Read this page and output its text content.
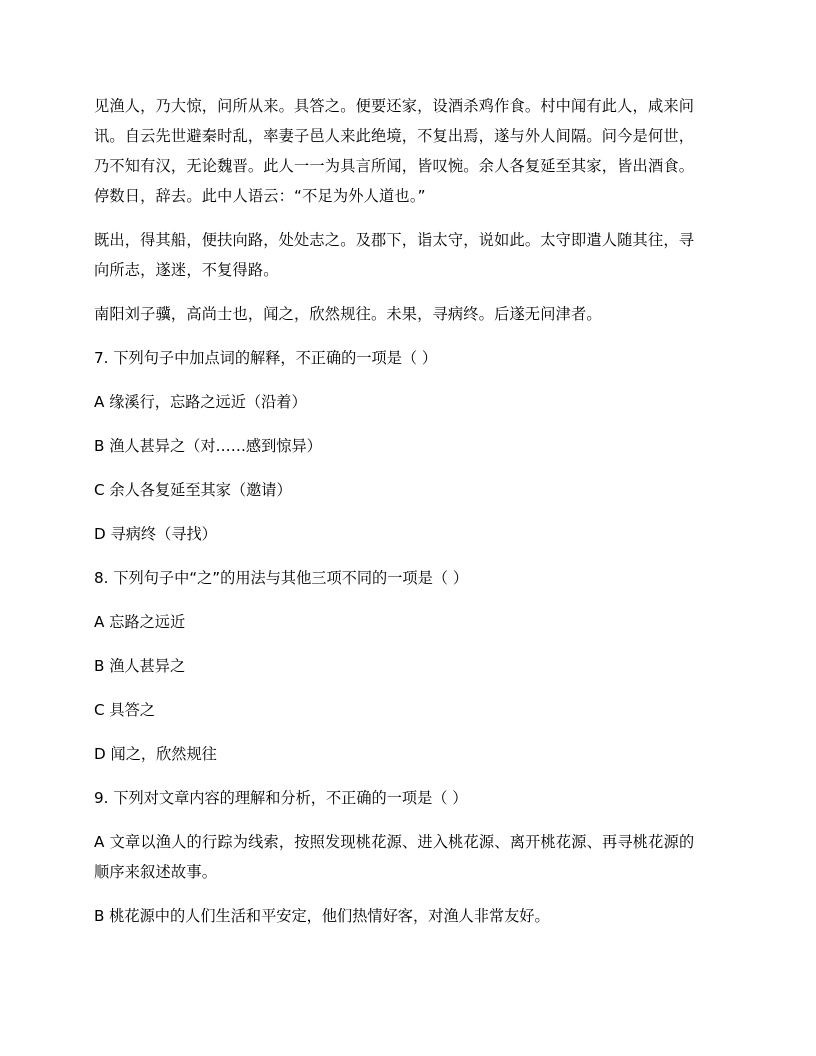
见渔人，乃大惊，问所从来。具答之。便要还家，设酒杀鸡作食。村中闻有此人，咸来问
讯。自云先世避秦时乱，率妻子邑人来此绝境，不复出焉，遂与外人间隔。问今是何世，
乃不知有汉，无论魏晋。此人一一为具言所闻，皆叹惋。余人各复延至其家，皆出酒食。
停数日，辞去。此中人语云：“不足为外人道也。”
既出，得其船，便扶向路，处处志之。及郡下，诣太守，说如此。太守即遣人随其往，寻
向所志，遂迷，不复得路。
南阳刘子骥，高尚士也，闻之，欣然规往。未果，寻病终。后遂无问津者。
7. 下列句子中加点词的解释，不正确的一项是（ ）
A 缘溪行，忘路之远近（沿着）
B 渔人甚异之（对……感到惊异）
C 余人各复延至其家（邀请）
D 寻病终（寻找）
8. 下列句子中“之”的用法与其他三项不同的一项是（ ）
A 忘路之远近
B 渔人甚异之
C 具答之
D 闻之，欣然规往
9. 下列对文章内容的理解和分析，不正确的一项是（ ）
A 文章以渔人的行踪为线索，按照发现桃花源、进入桃花源、离开桃花源、再寻桃花源的
顺序来叙述故事。
B 桃花源中的人们生活和平安定，他们热情好客，对渔人非常友好。
